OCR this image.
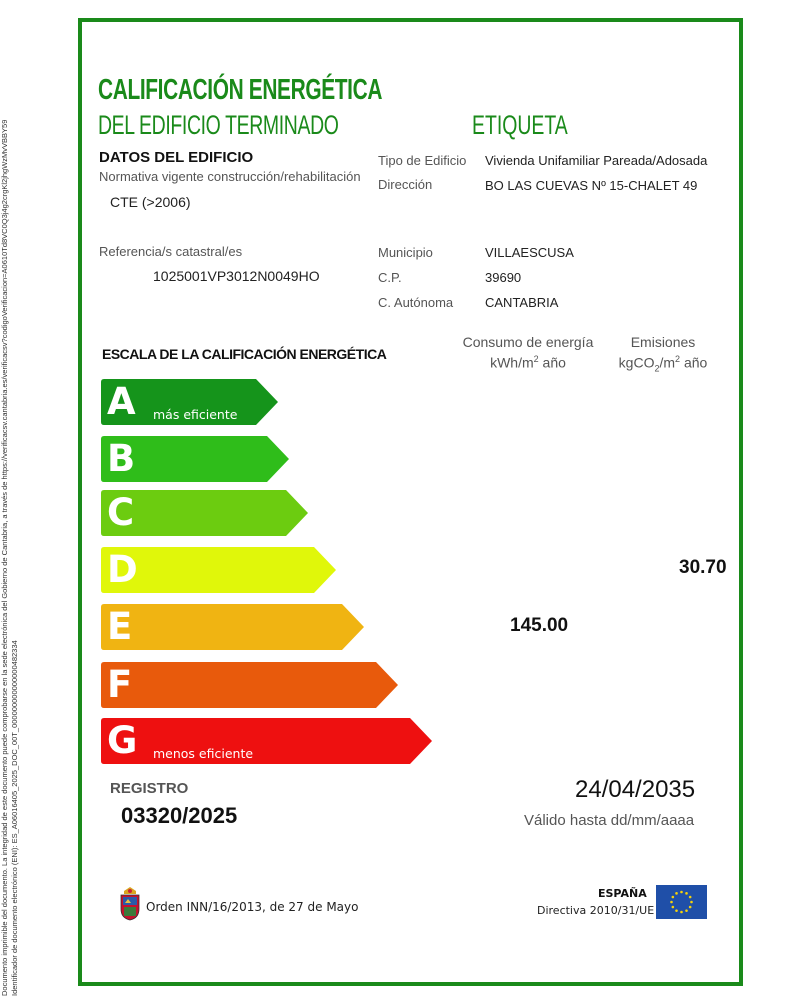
Documento imprimible del documento. La integridad de este documento puede comprobarse en la sede electrónica del Gobierno de Cantabria, a través de https://verificacsv.cantabria.es/verificacsv?codigoVerificacion=A0610Td8VC0Q3j4g2crgKl2jhgWzMvVBBY59 Identificador de documento electrónico (ENI): ES_A06016405_2025_DOC_00T_000000000000000482334
CALIFICACIÓN ENERGÉTICA
DEL EDIFICIO TERMINADO	ETIQUETA
DATOS DEL EDIFICIO
Normativa vigente construcción/rehabilitación
CTE (>2006)
Tipo de Edificio Vivienda Unifamiliar Pareada/Adosada
Dirección	BO LAS CUEVAS Nº 15-CHALET 49
Referencia/s catastral/es
1025001VP3012N0049HO
Municipio	VILLAESCUSA
C.P.	39690
C. Autónoma CANTABRIA
ESCALA DE LA CALIFICACIÓN ENERGÉTICA
Consumo de energía
kWh/$m^2$ año
Emisiones
$kgCO_2/m^2$ año
A más eficiente
B
C
D
E
F
G menos eficiente
145.00
30.70
REGISTRO
03320/2025
24/04/2035
Válido hasta dd/mm/aaaa
Orden INN/16/2013, de 27 de Mayo
ESPAÑA
Directiva 2010/31/UE
